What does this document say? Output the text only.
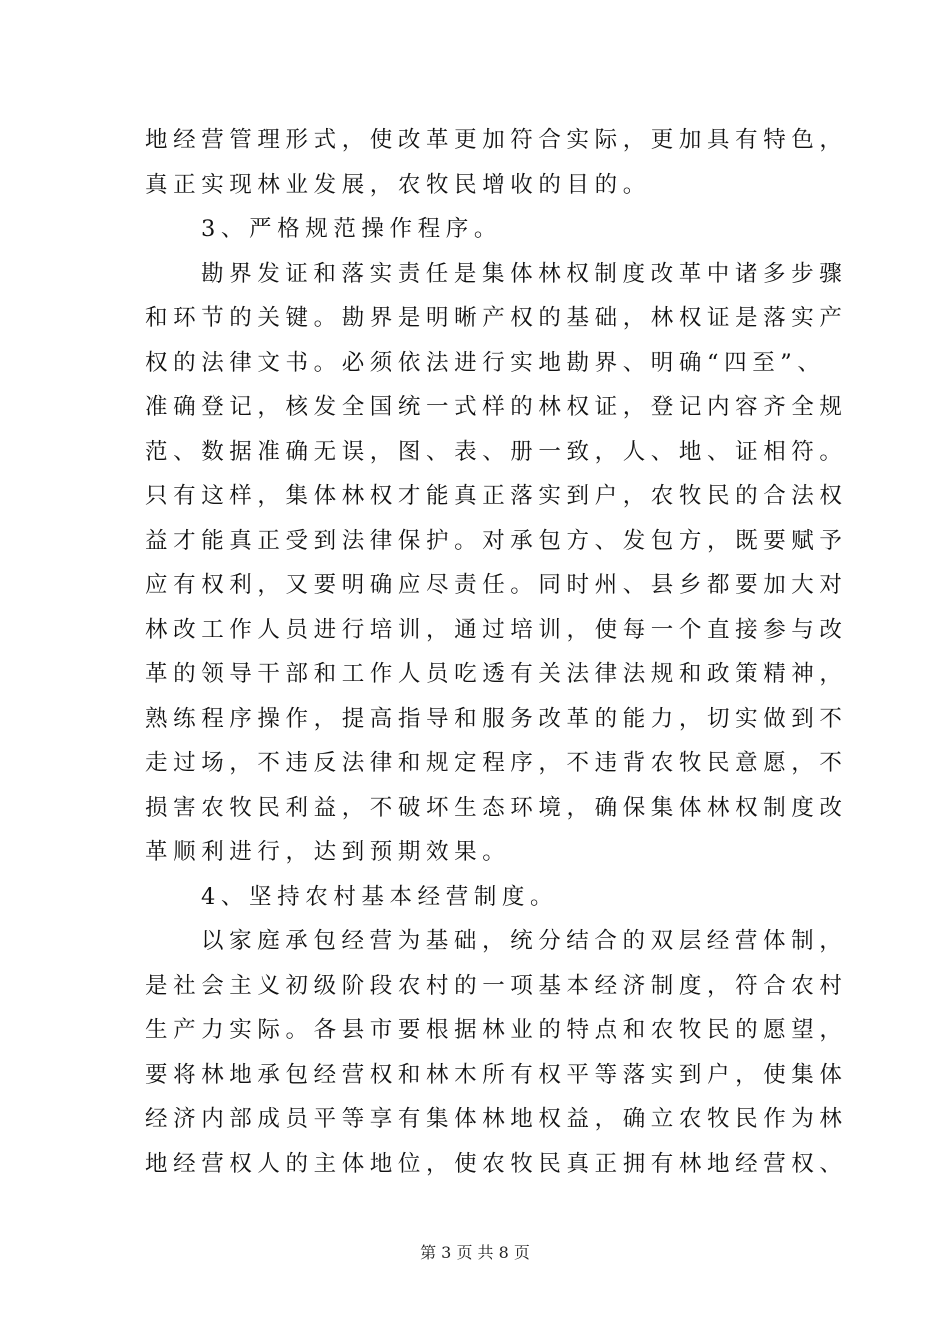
地经营管理形式，使改革更加符合实际，更加具有特色，
真正实现林业发展，农牧民增收的目的。
3、严格规范操作程序。
勘界发证和落实责任是集体林权制度改革中诸多步骤
和环节的关键。勘界是明晰产权的基础，林权证是落实产
权的法律文书。必须依法进行实地勘界、明确“四至”、
准确登记，核发全国统一式样的林权证，登记内容齐全规
范、数据准确无误，图、表、册一致，人、地、证相符。
只有这样，集体林权才能真正落实到户，农牧民的合法权
益才能真正受到法律保护。对承包方、发包方，既要赋予
应有权利，又要明确应尽责任。同时州、县乡都要加大对
林改工作人员进行培训，通过培训，使每一个直接参与改
革的领导干部和工作人员吃透有关法律法规和政策精神，
熟练程序操作，提高指导和服务改革的能力，切实做到不
走过场，不违反法律和规定程序，不违背农牧民意愿，不
损害农牧民利益，不破坏生态环境，确保集体林权制度改
革顺利进行，达到预期效果。
4、坚持农村基本经营制度。
以家庭承包经营为基础，统分结合的双层经营体制，
是社会主义初级阶段农村的一项基本经济制度，符合农村
生产力实际。各县市要根据林业的特点和农牧民的愿望，
要将林地承包经营权和林木所有权平等落实到户，使集体
经济内部成员平等享有集体林地权益，确立农牧民作为林
地经营权人的主体地位，使农牧民真正拥有林地经营权、
第 3 页 共 8 页
